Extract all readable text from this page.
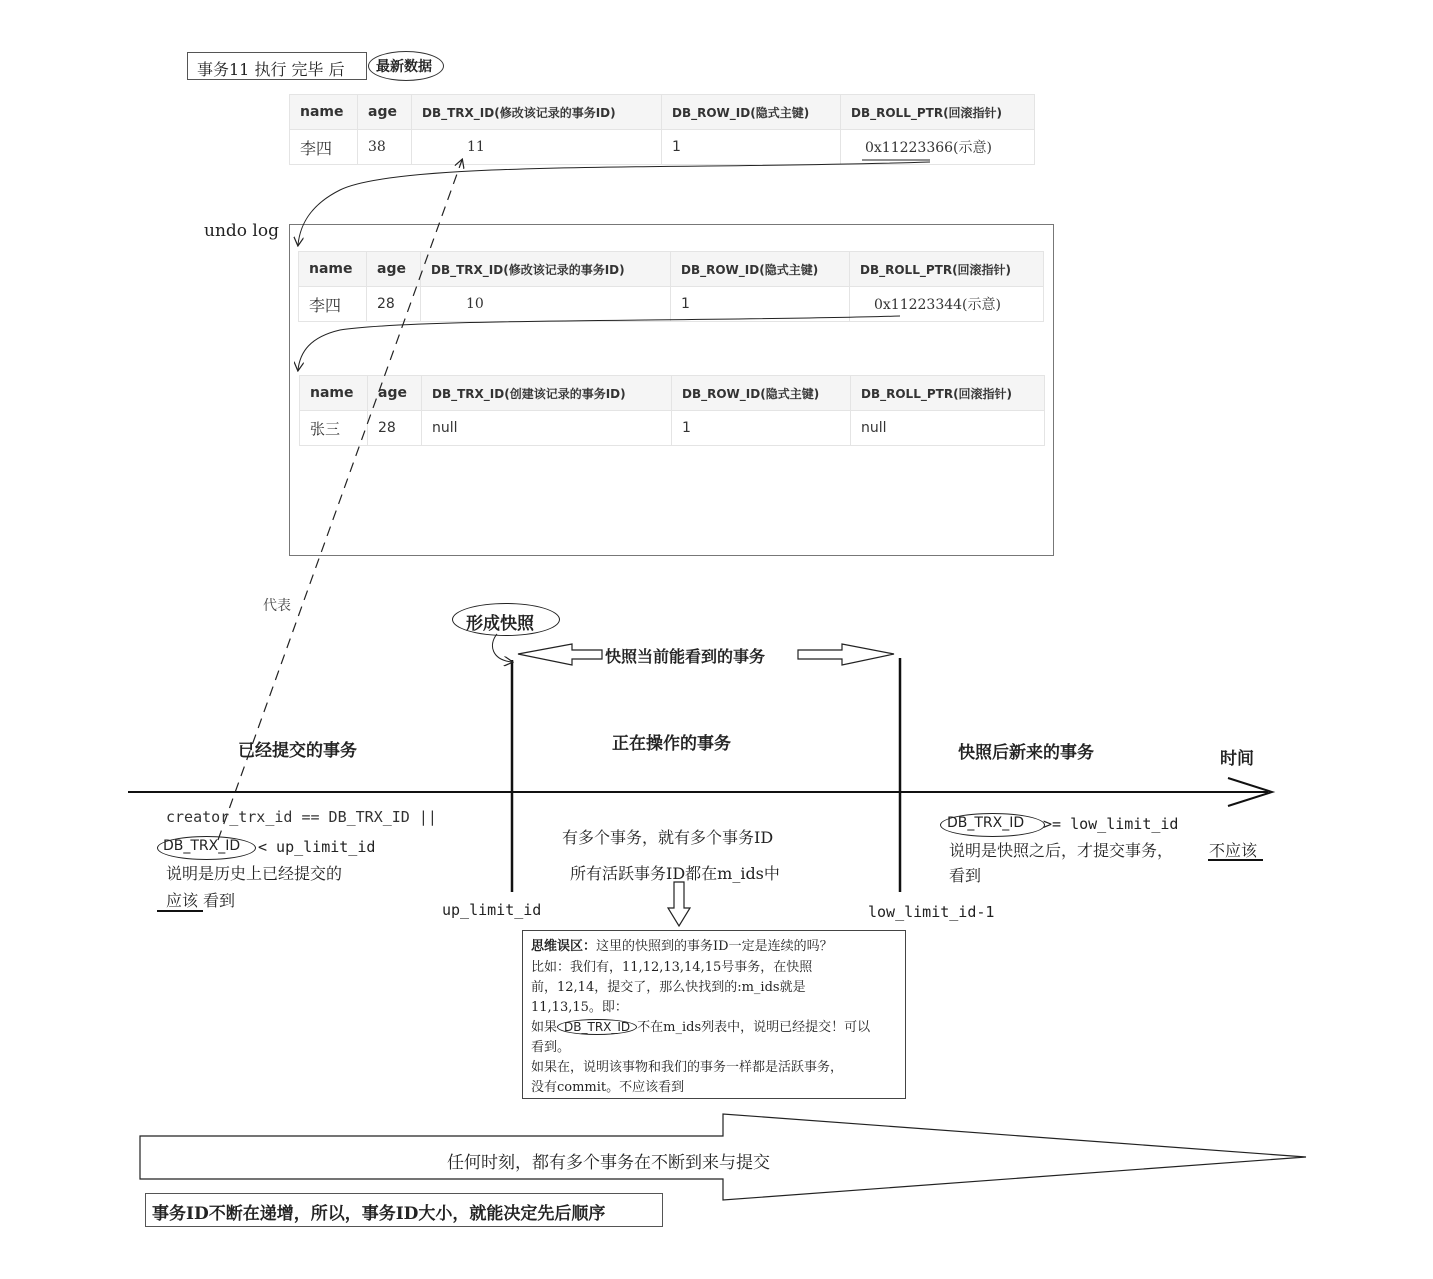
事务11 执行 完毕 后 最新数据
name	age	DB_TRX_ID(修改该记录的事务ID)	DB_ROW_ID(隐式主键)	DB_ROLL_PTR(回滚指针)
李四	38	11	1	0x11223366(示意)
undo log
name	age	DB_TRX_ID(修改该记录的事务ID)	DB_ROW_ID(隐式主键)	DB_ROLL_PTR(回滚指针)
李四	28	10	1	0x11223344(示意)
name	age	DB_TRX_ID(创建该记录的事务ID)	DB_ROW_ID(隐式主键)	DB_ROLL_PTR(回滚指针)
张三	28	null	1	null
代表
形成快照
快照当前能看到的事务
已经提交的事务	正在操作的事务	快照后新来的事务	时间
creator_trx_id == DB_TRX_ID ||
DB_TRX_ID < up_limit_id
说明是历史上已经提交的
应该 看到
有多个事务，就有多个事务ID
所有活跃事务ID都在m_ids中
up_limit_id	low_limit_id-1
DB_TRX_ID >= low_limit_id
说明是快照之后，才提交事务， 不应该
看到
思维误区：这里的快照到的事务ID一定是连续的吗？
比如：我们有，11,12,13,14,15号事务，在快照
前，12,14，提交了，那么快找到的:m_ids就是
11,13,15。即：
如果 DB_TRX_ID 不在m_ids列表中，说明已经提交！可以
看到。
如果在，说明该事物和我们的事务一样都是活跃事务，
没有commit。不应该看到
任何时刻，都有多个事务在不断到来与提交
事务ID不断在递增，所以，事务ID大小，就能决定先后顺序
